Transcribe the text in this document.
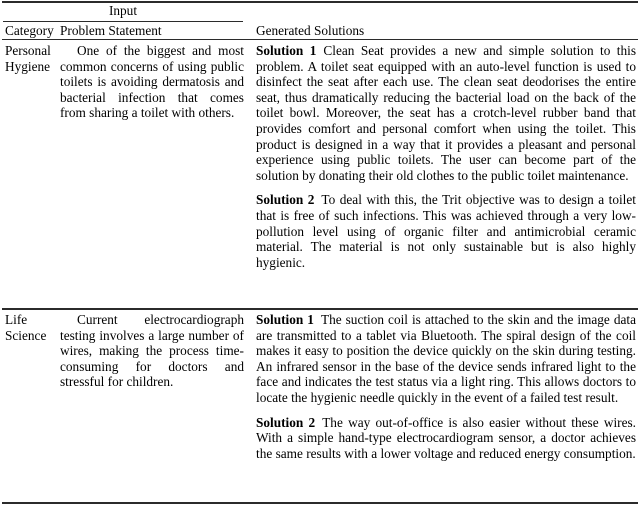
Input
Category Problem Statement	Generated Solutions
Personal
Hygiene
One of the biggest and most common concerns of using public toilets is avoiding dermatosis and bacterial infection that comes from sharing a toilet with others.

Solution 1 Clean Seat provides a new and simple solution to this problem. A toilet seat equipped with an auto-level function is used to disinfect the seat after each use. The clean seat deodorises the entire seat, thus dramatically reducing the bacterial load on the back of the toilet bowl. Moreover, the seat has a crotch-level rubber band that provides comfort and personal comfort when using the toilet. This product is designed in a way that it provides a pleasant and personal experience using public toilets. The user can become part of the solution by donating their old clothes to the public toilet maintenance.

Solution 2 To deal with this, the Trit objective was to design a toilet that is free of such infections. This was achieved through a very low-pollution level using of organic filter and antimicrobial ceramic material. The material is not only sustainable but is also highly hygienic.

Life
Science
Current electrocardiograph testing involves a large number of wires, making the process time-consuming for doctors and stressful for children.

Solution 1 The suction coil is attached to the skin and the image data are transmitted to a tablet via Bluetooth. The spiral design of the coil makes it easy to position the device quickly on the skin during testing. An infrared sensor in the base of the device sends infrared light to the face and indicates the test status via a light ring. This allows doctors to locate the hygienic needle quickly in the event of a failed test result.

Solution 2 The way out-of-office is also easier without these wires. With a simple hand-type electrocardiogram sensor, a doctor achieves the same results with a lower voltage and reduced energy consumption.
